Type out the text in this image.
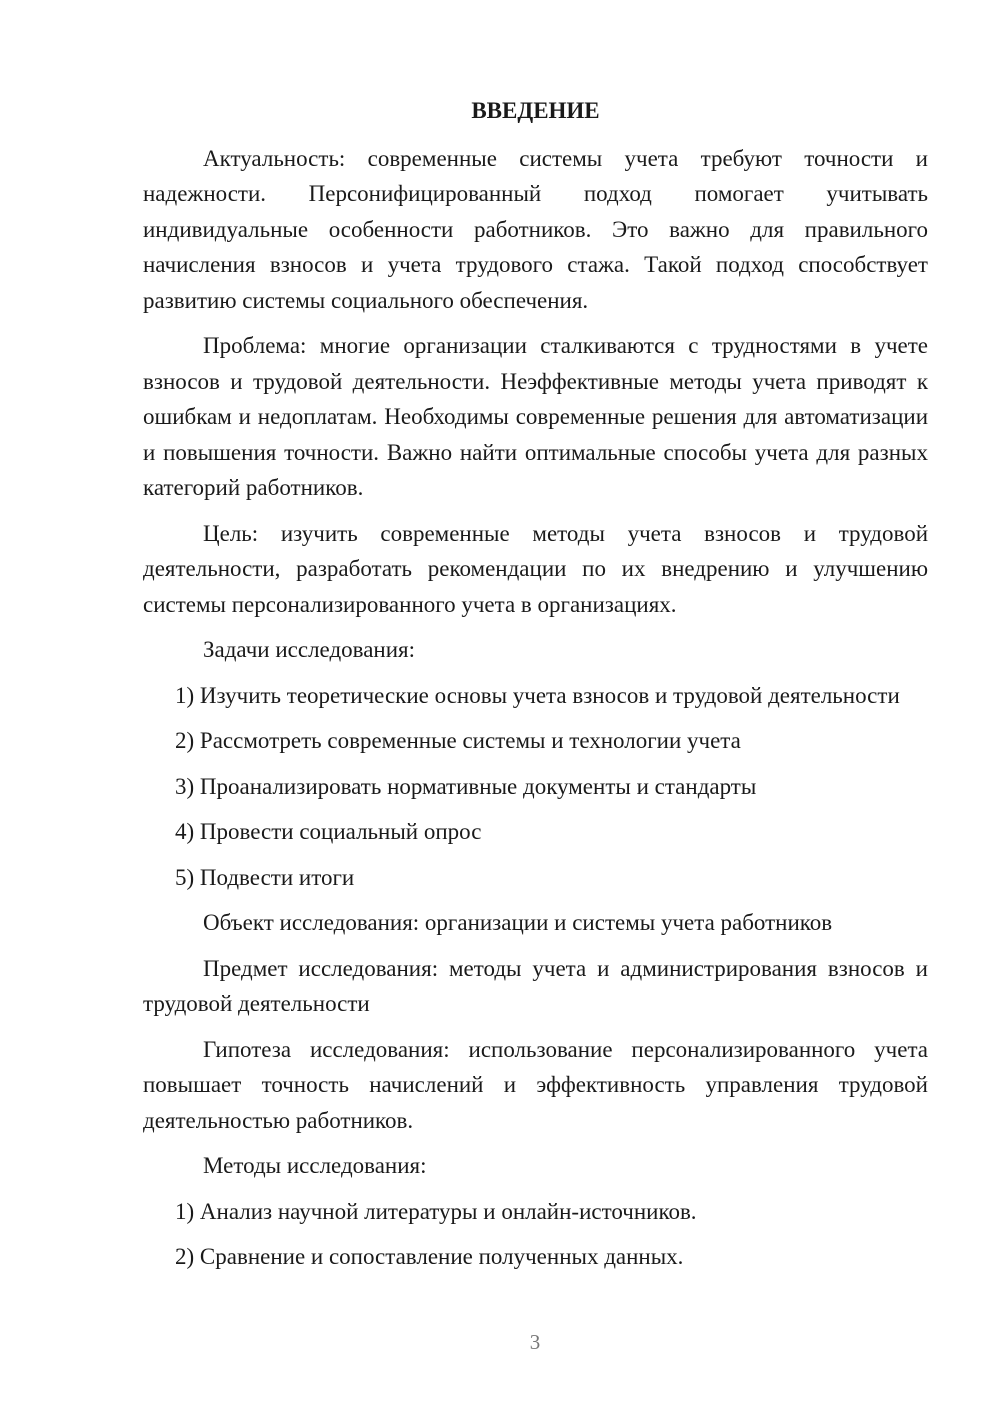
ВВЕДЕНИЕ

Актуальность: современные системы учета требуют точности и надежности. Персонифицированный подход помогает учитывать индивидуальные особенности работников. Это важно для правильного начисления взносов и учета трудового стажа. Такой подход способствует развитию системы социального обеспечения.

Проблема: многие организации сталкиваются с трудностями в учете взносов и трудовой деятельности. Неэффективные методы учета приводят к ошибкам и недоплатам. Необходимы современные решения для автоматизации и повышения точности. Важно найти оптимальные способы учета для разных категорий работников.

Цель: изучить современные методы учета взносов и трудовой деятельности, разработать рекомендации по их внедрению и улучшению системы персонализированного учета в организациях.

Задачи исследования:

1) Изучить теоретические основы учета взносов и трудовой деятельности

2) Рассмотреть современные системы и технологии учета

3) Проанализировать нормативные документы и стандарты

4) Провести социальный опрос

5) Подвести итоги

Объект исследования: организации и системы учета работников

Предмет исследования: методы учета и администрирования взносов и трудовой деятельности

Гипотеза исследования: использование персонализированного учета повышает точность начислений и эффективность управления трудовой деятельностью работников.

Методы исследования:

1) Анализ научной литературы и онлайн-источников.

2) Сравнение и сопоставление полученных данных.

3
